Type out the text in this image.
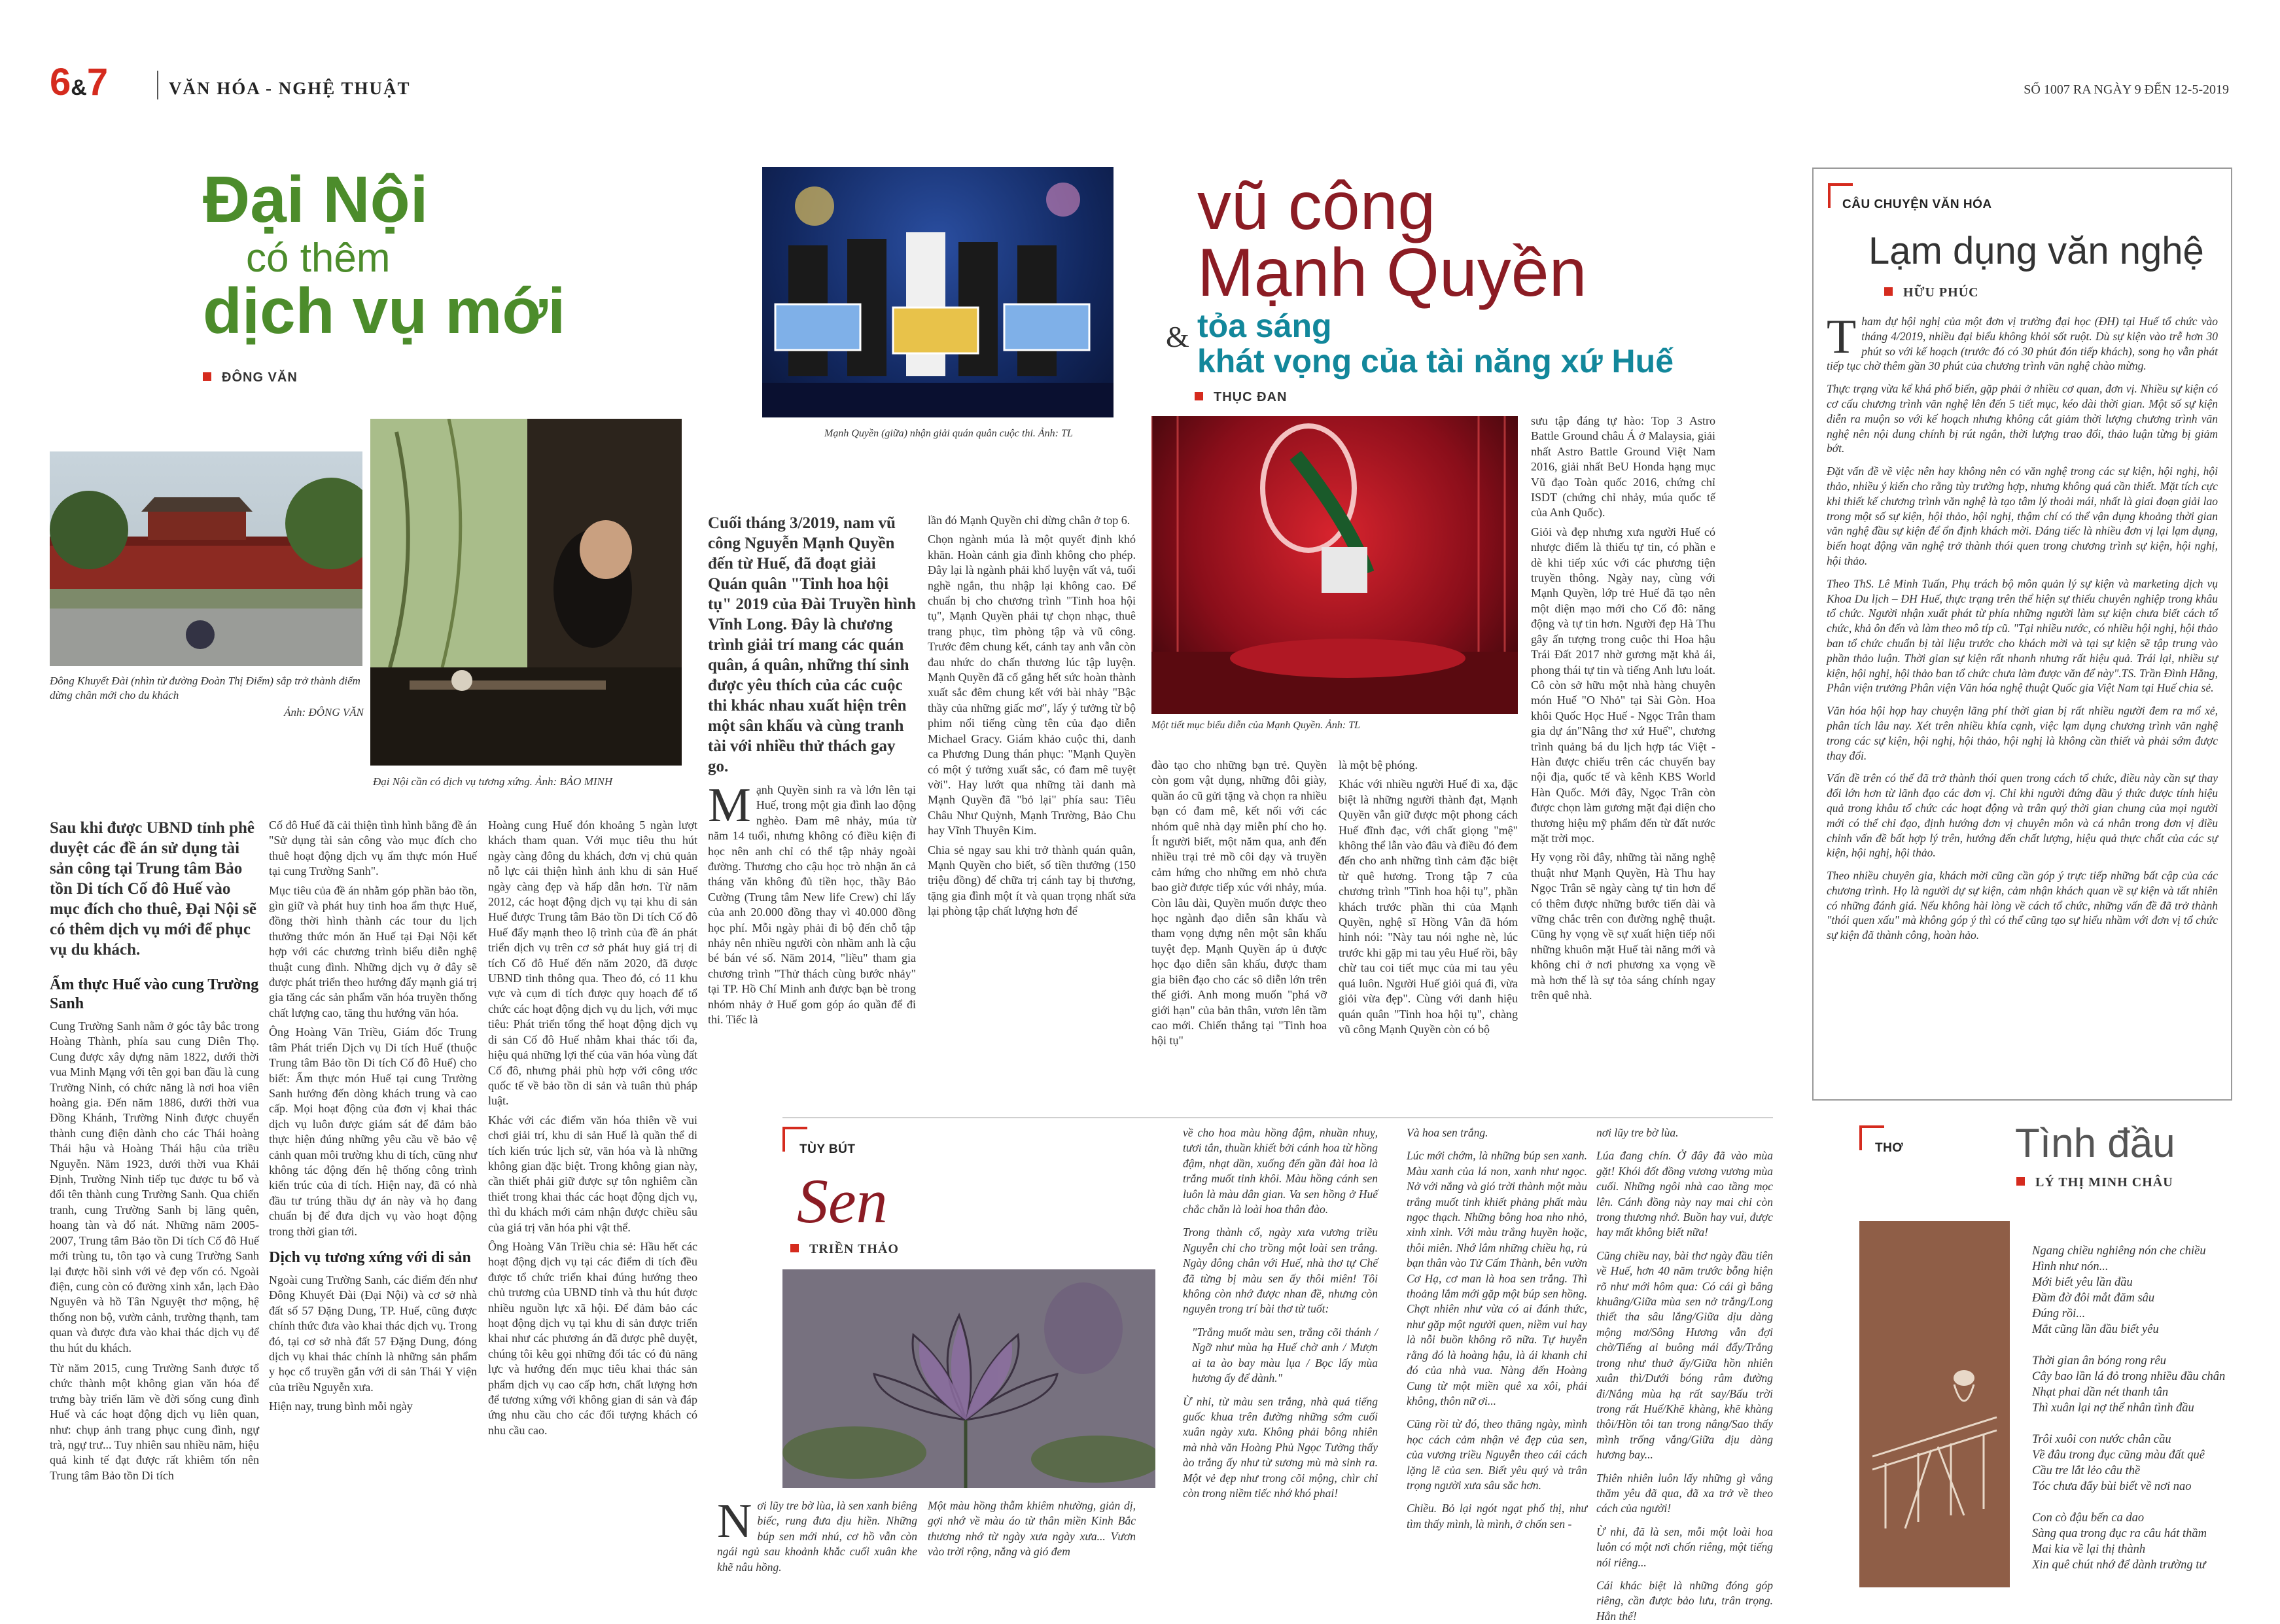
6&7	VĂN HÓA - NGHỆ THUẬT	SỐ 1007 RA NGÀY 9 ĐẾN 12-5-2019
Đại Nội
có thêm
dịch vụ mới
ĐÔNG VĂN
Đông Khuyết Đài (nhìn từ đường Đoàn Thị Điểm) sắp trở thành điểm dừng chân mới cho du khách
Ảnh: ĐÔNG VĂN
Đại Nội cần có dịch vụ tương xứng. Ảnh: BẢO MINH
Sau khi được UBND tỉnh phê duyệt các đề án sử dụng tài sản công tại Trung tâm Bảo tồn Di tích Cố đô Huế vào mục đích cho thuê, Đại Nội sẽ có thêm dịch vụ mới để phục vụ du khách.
Ẩm thực Huế vào cung Trường Sanh
Cung Trường Sanh nằm ở góc tây bắc trong Hoàng Thành, phía sau cung Diên Thọ. Cung được xây dựng năm 1822, dưới thời vua Minh Mạng với tên gọi ban đầu là cung Trường Ninh, có chức năng là nơi hoa viên hoàng gia. Đến năm 1886, dưới thời vua Đồng Khánh, Trường Ninh được chuyển thành cung điện dành cho các Thái hoàng Thái hậu và Hoàng Thái hậu của triều Nguyễn. Năm 1923, dưới thời vua Khải Định, Trường Ninh tiếp tục được tu bổ và đổi tên thành cung Trường Sanh. Qua chiến tranh, cung Trường Sanh bị lãng quên, hoang tàn và đổ nát. Những năm 2005-2007, Trung tâm Bảo tồn Di tích Cố đô Huế mới trùng tu, tôn tạo và cung Trường Sanh lại được hồi sinh với vẻ đẹp vốn có. Ngoài điện, cung còn có đường xinh xắn, lạch Đào Nguyên và hồ Tân Nguyệt thơ mộng, hệ thống non bộ, vườn cảnh, trường thạnh, tam quan và được đưa vào khai thác dịch vụ để thu hút du khách.
Từ năm 2015, cung Trường Sanh được tổ chức thành một không gian văn hóa để trưng bày triển lãm về đời sống cung đình Huế và các hoạt động dịch vụ liên quan, như: chụp ảnh trang phục cung đình, ngự trà, ngự trư... Tuy nhiên sau nhiều năm, hiệu quả kinh tế đạt được rất khiêm tốn nên Trung tâm Bảo tồn Di tích
Cố đô Huế đã cải thiện tình hình bằng đề án "Sử dụng tài sản công vào mục đích cho thuê hoạt động dịch vụ ẩm thực món Huế tại cung Trường Sanh".
Mục tiêu của đề án nhằm góp phần bảo tồn, gìn giữ và phát huy tinh hoa ẩm thực Huế, đồng thời hình thành các tour du lịch thưởng thức món ăn Huế tại Đại Nội kết hợp với các chương trình biểu diễn nghệ thuật cung đình. Những dịch vụ ở đây sẽ được phát triển theo hướng đẩy mạnh giá trị gia tăng các sản phẩm văn hóa truyền thống chất lượng cao, tăng thu hướng văn hóa.
Ông Hoàng Văn Triều, Giám đốc Trung tâm Phát triển Dịch vụ Di tích Huế (thuộc Trung tâm Bảo tồn Di tích Cố đô Huế) cho biết: Ẩm thực món Huế tại cung Trường Sanh hướng đến dòng khách trung và cao cấp. Mọi hoạt động của đơn vị khai thác dịch vụ luôn được giám sát để đảm bảo thực hiện đúng những yêu cầu về bảo vệ cảnh quan môi trường khu di tích, cũng như không tác động đến hệ thống công trình kiến trúc của di tích. Hiện nay, đã có nhà đầu tư trúng thầu dự án này và họ đang chuẩn bị để đưa dịch vụ vào hoạt động trong thời gian tới.
Dịch vụ tương xứng với di sản
Ngoài cung Trường Sanh, các điểm đến như Đông Khuyết Đài (Đại Nội) và cơ sở nhà đất số 57 Đặng Dung, TP. Huế, cũng được chính thức đưa vào khai thác dịch vụ. Trong đó, tại cơ sở nhà đất 57 Đặng Dung, đóng dịch vụ khai thác chính là những sản phẩm y học cổ truyền gắn với di sản Thái Y viện của triều Nguyễn xưa.
Hiện nay, trung bình mỗi ngày
Hoàng cung Huế đón khoảng 5 ngàn lượt khách tham quan. Với mục tiêu thu hút ngày càng đông du khách, đơn vị chủ quản nỗ lực cải thiện hình ảnh khu di sản Huế ngày càng đẹp và hấp dẫn hơn. Từ năm 2012, các hoạt động dịch vụ tại khu di sản Huế được Trung tâm Bảo tồn Di tích Cố đô Huế đẩy mạnh theo lộ trình của đề án phát triển dịch vụ trên cơ sở phát huy giá trị di tích Cố đô Huế đến năm 2020, đã được UBND tỉnh thông qua. Theo đó, có 11 khu vực và cụm di tích được quy hoạch để tổ chức các hoạt động dịch vụ du lịch, với mục tiêu: Phát triển tổng thể hoạt động dịch vụ di sản Cố đô Huế nhằm khai thác tối đa, hiệu quả những lợi thế của văn hóa vùng đất Cố đô, nhưng phải phù hợp với công ước quốc tế về bảo tồn di sản và tuân thủ pháp luật.
Khác với các điểm văn hóa thiên về vui chơi giải trí, khu di sản Huế là quần thể di tích kiến trúc lịch sử, văn hóa và là những không gian đặc biệt. Trong không gian này, cần thiết phải giữ được sự tôn nghiêm cần thiết trong khai thác các hoạt động dịch vụ, thì du khách mới cảm nhận được chiều sâu của giá trị văn hóa phi vật thể.
Ông Hoàng Văn Triều chia sẻ: Hầu hết các hoạt động dịch vụ tại các điểm di tích đều được tổ chức triển khai đúng hướng theo chủ trương của UBND tỉnh và thu hút được nhiều nguồn lực xã hội. Để đảm bảo các hoạt động dịch vụ tại khu di sản được triển khai như các phương án đã được phê duyệt, chúng tôi kêu gọi những đối tác có đủ năng lực và hướng đến mục tiêu khai thác sản phẩm dịch vụ cao cấp hơn, chất lượng hơn để tương xứng với không gian di sản và đáp ứng nhu cầu cho các đối tượng khách có nhu cầu cao.
Mạnh Quyền (giữa) nhận giải quán quân cuộc thi. Ảnh: TL
vũ công
Mạnh Quyền
& tỏa sáng
khát vọng của tài năng xứ Huế
THỤC ĐAN
Một tiết mục biểu diễn của Mạnh Quyền. Ảnh: TL
Cuối tháng 3/2019, nam vũ công Nguyễn Mạnh Quyền đến từ Huế, đã đoạt giải Quán quân "Tinh hoa hội tụ" 2019 của Đài Truyền hình Vĩnh Long. Đây là chương trình giải trí mang các quán quân, á quân, những thí sinh được yêu thích của các cuộc thi khác nhau xuất hiện trên một sân khấu và cùng tranh tài với nhiều thử thách gay go.
M ạnh Quyền sinh ra và lớn lên tại Huế, trong một gia đình lao động nghèo. Đam mê nhảy, múa từ năm 14 tuổi, nhưng không có điều kiện đi học nên anh chỉ có thể tập nhảy ngoài đường. Thương cho cậu học trò nhận ăn cả tháng văn không đủ tiền học, thầy Bảo Cường (Trung tâm New life Crew) chỉ lấy của anh 20.000 đồng thay vì 40.000 đồng học phí. Mỗi ngày phải đi bộ đến chỗ tập nhảy nên nhiều người còn nhầm anh là cậu bé bán vé số. Năm 2014, "liều" tham gia chương trình "Thử thách cùng bước nhảy" tại TP. Hồ Chí Minh anh được bạn bè trong nhóm nhảy ở Huế gom góp áo quần để đi thi. Tiếc là
lần đó Mạnh Quyền chỉ dừng chân ở top 6.
Chọn ngành múa là một quyết định khó khăn. Hoàn cảnh gia đình không cho phép. Đây lại là ngành phải khổ luyện vất vả, tuổi nghề ngắn, thu nhập lại không cao. Để chuẩn bị cho chương trình "Tinh hoa hội tụ", Mạnh Quyền phải tự chọn nhạc, thuê trang phục, tìm phòng tập và vũ công. Trước đêm chung kết, cánh tay anh vẫn còn đau nhức do chấn thương lúc tập luyện. Mạnh Quyền đã cố gắng hết sức hoàn thành xuất sắc đêm chung kết với bài nhảy "Bậc thầy của những giấc mơ", lấy ý tưởng từ bộ phim nổi tiếng cùng tên của đạo diễn Michael Gracy. Giám khảo cuộc thi, danh ca Phương Dung thán phục: "Mạnh Quyền có một ý tưởng xuất sắc, có đam mê tuyệt vời". Hay lướt qua những tài danh mà Mạnh Quyền đã "bỏ lại" phía sau: Tiêu Châu Như Quỳnh, Mạnh Trường, Bảo Chu hay Vĩnh Thuyên Kim.
Chia sẻ ngay sau khi trở thành quán quân, Mạnh Quyền cho biết, số tiền thưởng (150 triệu đồng) để chữa trị cánh tay bị thương, tặng gia đình một ít và quan trọng nhất sửa lại phòng tập chất lượng hơn để
đào tạo cho những bạn trẻ. Quyền còn gom vật dụng, những đôi giày, quần áo cũ gửi tặng và chọn ra nhiều bạn có đam mê, kết nối với các nhóm quê nhà dạy miễn phí cho họ. Ít người biết, một năm qua, anh đến nhiều trại trẻ mồ côi dạy và truyền cảm hứng cho những em nhỏ chưa bao giờ được tiếp xúc với nhảy, múa. Còn lâu dài, Quyền muốn được theo học ngành đạo diễn sân khấu và tham vọng dựng nên một sân khấu tuyệt đẹp. Mạnh Quyền áp ủ được học đạo diễn sân khấu, được tham gia biên đạo cho các sô diễn lớn trên thế giới. Anh mong muốn "phá vỡ giới hạn" của bản thân, vươn lên tầm cao mới. Chiến thắng tại "Tinh hoa hội tụ"
là một bệ phóng.
Khác với nhiều người Huế đi xa, đặc biệt là những người thành đạt, Mạnh Quyền vẫn giữ được một phong cách Huế đĩnh đạc, với chất giọng "mệ" không thể lẫn vào đâu và điều đó đem đến cho anh những tình cảm đặc biệt từ quê hương. Trong tập 7 của chương trình "Tinh hoa hội tụ", phần khách trước phần thi của Mạnh Quyền, nghệ sĩ Hồng Vân đã hóm hỉnh nói: "Này tau nói nghe nè, lúc trước khi gặp mi tau yêu Huế rồi, bây chừ tau coi tiết mục của mi tau yêu quá luôn. Người Huế giỏi quá đi, vừa giỏi vừa đẹp". Cùng với danh hiệu quán quân "Tinh hoa hội tụ", chàng vũ công Mạnh Quyền còn có bộ
sưu tập đáng tự hào: Top 3 Astro Battle Ground châu Á ở Malaysia, giải nhất Astro Battle Ground Việt Nam 2016, giải nhất BeU Honda hạng mục Vũ đạo Toàn quốc 2016, chứng chỉ ISDT (chứng chỉ nhảy, múa quốc tế của Anh Quốc).
Giỏi và đẹp nhưng xưa người Huế có nhược điểm là thiếu tự tin, có phần e dè khi tiếp xúc với các phương tiện truyền thông. Ngày nay, cùng với Mạnh Quyền, lớp trẻ Huế đã tạo nên một diện mạo mới cho Cố đô: năng động và tự tin hơn. Người đẹp Hà Thu gây ấn tượng trong cuộc thi Hoa hậu Trái Đất 2017 nhờ gương mặt khả ái, phong thái tự tin và tiếng Anh lưu loát. Cô còn sở hữu một nhà hàng chuyên món Huế "O Nhỏ" tại Sài Gòn. Hoa khôi Quốc Học Huế - Ngọc Trân tham gia dự án"Nâng thơ xứ Huế", chương trình quảng bá du lịch hợp tác Việt - Hàn được chiếu trên các chuyến bay nội địa, quốc tế và kênh KBS World Hàn Quốc. Mới đây, Ngọc Trân còn được chọn làm gương mặt đại diện cho thương hiệu mỹ phẩm đến từ đất nước mặt trời mọc.
Hy vọng rồi đây, những tài năng nghệ thuật như Mạnh Quyền, Hà Thu hay Ngọc Trân sẽ ngày càng tự tin hơn để có thêm được những bước tiến dài và vững chắc trên con đường nghệ thuật. Cũng hy vọng về sự xuất hiện tiếp nối những khuôn mặt Huế tài năng mới và không chỉ ở nơi phương xa vọng về mà hơn thế là sự tỏa sáng chính ngay trên quê nhà.
CÂU CHUYỆN VĂN HÓA
Lạm dụng văn nghệ
HỮU PHÚC
T ham dự hội nghị của một đơn vị trường đại học (ĐH) tại Huế tổ chức vào tháng 4/2019, nhiều đại biểu không khỏi sốt ruột. Dù sự kiện vào trễ hơn 30 phút so với kế hoạch (trước đó có 30 phút đón tiếp khách), song họ vẫn phát tiếp tục chờ thêm gần 30 phút của chương trình văn nghệ chào mừng.

Thực trạng vừa kể khá phổ biến, gặp phải ở nhiều cơ quan, đơn vị. Nhiều sự kiện có cơ cấu chương trình văn nghệ lên đến 5 tiết mục, kéo dài thời gian. Một số sự kiện diễn ra muộn so với kế hoạch nhưng không cắt giảm thời lượng chương trình văn nghệ nên nội dung chính bị rút ngắn, thời lượng trao đổi, thảo luận từng bị giảm bớt.

Đặt vấn đề về việc nên hay không nên có văn nghệ trong các sự kiện, hội nghị, hội thảo, nhiều ý kiến cho rằng tùy trường hợp, nhưng không quá cần thiết. Mặt tích cực khi thiết kế chương trình văn nghệ là tạo tâm lý thoải mái, nhất là giai đoạn giải lao trong một số sự kiện, hội thảo, hội nghị, thậm chí có thể vận dụng khoảng thời gian văn nghệ đầu sự kiện để ổn định khách mời. Đáng tiếc là nhiều đơn vị lại lạm dụng, biến hoạt động văn nghệ trở thành thói quen trong chương trình sự kiện, hội nghị, hội thảo.

Theo ThS. Lê Minh Tuấn, Phụ trách bộ môn quản lý sự kiện và marketing dịch vụ Khoa Du lịch – ĐH Huế, thực trạng trên thể hiện sự thiếu chuyên nghiệp trong khâu tổ chức. Người nhận xuất phát từ phía những người làm sự kiện chưa biết cách tổ chức, khả ôn đến và làm theo mô típ cũ. "Tại nhiều nước, có nhiều hội nghị, hội thảo ban tổ chức chuẩn bị tài liệu trước cho khách mời và tại sự kiện sẽ tập trung vào phần thảo luận. Thời gian sự kiện rất nhanh nhưng rất hiệu quả. Trái lại, nhiều sự kiện, hội nghị, hội thảo ban tổ chức chưa làm được văn để này".TS. Trần Đình Hằng, Phân viện trưởng Phân viện Văn hóa nghệ thuật Quốc gia Việt Nam tại Huế chia sẻ.

Văn hóa hội họp hay chuyện lãng phí thời gian bị rất nhiều người đem ra mổ xẻ, phân tích lâu nay. Xét trên nhiều khía cạnh, việc lạm dụng chương trình văn nghệ trong các sự kiện, hội nghị, hội thảo, hội nghị là không cần thiết và phải sớm được thay đổi.

Vấn đề trên có thể đã trở thành thói quen trong cách tổ chức, điều này cần sự thay đổi lớn hơn từ lãnh đạo các đơn vị. Chỉ khi người đứng đầu ý thức được tính hiệu quả trong khâu tổ chức các hoạt động và trân quý thời gian chung của mọi người mới có thể chỉ đạo, định hướng đơn vị chuyên môn và cá nhân trong đơn vị điều chỉnh vấn đề bất hợp lý trên, hướng đến chất lượng, hiệu quả thực chất của các sự kiện, hội nghị, hội thảo.

Theo nhiều chuyên gia, khách mời cũng cần góp ý trực tiếp những bất cập của các chương trình. Họ là người dự sự kiện, cảm nhận khách quan về sự kiện và tất nhiên có những đánh giá. Nếu không hài lòng về cách tổ chức, những vấn đề đã trở thành "thói quen xấu" mà không góp ý thì có thể cũng tạo sự hiểu nhầm với đơn vị tổ chức sự kiện đã thành công, hoàn hảo.

TÙY BÚT
Sen
TRIỀN THẢO
N ơi lũy tre bờ lùa, là sen xanh biêng biếc, rung đưa dịu hiền. Những búp sen mới nhú, cơ hồ vẫn còn ngái ngủ sau khoảnh khắc cuối xuân khe khẽ nâu hồng.
Một màu hồng thẫm khiêm nhường, giản dị, gợi nhớ về màu áo từ thân miền Kinh Bắc thương nhớ từ ngày xưa ngày xưa... Vươn vào trời rộng, nắng và gió đem
về cho hoa màu hồng đậm, nhuần nhuỵ, tươi tắn, thuần khiết bởi cánh hoa từ hồng đậm, nhạt dần, xuống đến gần đài hoa là trắng muốt tinh khôi. Màu hồng cánh sen luôn là màu dân gian. Va sen hồng ở Huế chắc chắn là loài hoa thân đào.
Trong thành cổ, ngày xưa vương triều Nguyễn chỉ cho trồng một loài sen trắng. Ngày đông chân với Huế, nhà thơ tự Chế đã từng bị màu sen ấy thôi miên! Tôi không còn nhớ được nhan đề, nhưng còn nguyên trong trí bài thơ từ tuốt:
"Trắng muốt màu sen, trắng cõi thánh / Ngỡ như mùa hạ Huế chờ anh / Mượn ai ta ào bay màu lụa / Bọc lấy mùa hương ấy để dành."
Ừ nhỉ, từ màu sen trắng, nhà quá tiếng guốc khua trên đường những sớm cuối xuân ngày xưa. Không phải bông nhiên mà nhà văn Hoàng Phủ Ngọc Tường thấy ào trắng ấy như từ sương mù mà sinh ra. Một vẻ đẹp như trong cõi mộng, chìr chỉ còn trong niềm tiếc nhớ khó phai!
Và hoa sen trắng.
Lúc mới chớm, là những búp sen xanh. Màu xanh của lá non, xanh như ngọc. Nở với nắng và gió trời thành một màu trắng muốt tinh khiết phảng phất màu ngọc thạch. Những bông hoa nho nhỏ, xinh xinh. Với màu trắng huyền hoặc, thôi miên. Nhớ lắm những chiều hạ, rủ bạn thân vào Tử Cấm Thành, bên vườn Cơ Hạ, cơ man là hoa sen trắng. Thì thoảng lắm mới gặp một búp sen hồng. Chợt nhiên như vừa có ai đánh thức, như gặp một người quen, niềm vui hay là nỗi buồn không rõ nữa. Tự huyễn rằng đó là hoàng hậu, là ái khanh chỉ đó của nhà vua. Nàng đến Hoàng Cung từ một miền quê xa xôi, phải không, thôn nữ ơi...
Cũng rồi từ đó, theo thăng ngày, mình học cách cảm nhận vẻ đẹp của sen, của vương triều Nguyễn theo cái cách lặng lẽ của sen. Biết yêu quý và trân trọng người xưa sâu sắc hơn.
Chiều. Bỏ lại ngót ngạt phố thị, như tìm thấy mình, là mình, ở chốn sen -
nơi lũy tre bờ lùa.
Lúa đang chín. Ở đây đã vào mùa gặt! Khói đốt đồng vương vương mùa cuối. Những ngôi nhà cao tầng mọc lên. Cánh đồng này nay mai chỉ còn trong thương nhớ. Buồn hay vui, được hay mất không biết nữa!
Cũng chiều nay, bài thơ ngày đầu tiên về Huế, hơn 40 năm trước bỗng hiện rõ như mới hôm qua: Có cái gì bâng khuâng/Giữa mùa sen nở trắng/Long thiết tha sâu lắng/Giữa dịu dàng mộng mơ/Sông Hương vẫn đợi chờ/Tiếng ai buông mái đẩy/Trắng trong như thuở ấy/Giữa hồn nhiên xuân thì/Dưới bóng râm đường đi/Nắng mùa hạ rất say/Bấu trời trong rất Huế/Khẽ khàng, khẽ khàng thôi/Hồn tôi tan trong nắng/Sao thấy mình trống vắng/Giữa dịu dàng hương bay...
Thiên nhiên luôn lấy những gì vắng thăm yêu đã qua, đã xa trở về theo cách của người!
Ừ nhỉ, đã là sen, mỗi một loài hoa luôn có một nơi chốn riêng, một tiếng nói riêng...
Cái khác biệt là những đóng góp riêng, cần được bảo lưu, trân trọng. Hẳn thế!
THƠ	Tình đầu
LÝ THỊ MINH CHÂU
Ngang chiều nghiêng nón che chiều
Hình như nón...
Mới biết yêu lần đầu
Đầm đờ đôi mắt đăm sâu
Đúng rồi...
Mắt cũng lần đầu biết yêu
Thời gian ân bóng rong rêu
Cây bao lần lá đỏ trong nhiều đầu chân
Nhạt phai dần nét thanh tân
Thì xuân lại nợ thể nhân tình đầu
Trôi xuôi con nước chân cầu
Về đâu trong đục cũng màu đất quê
Cầu tre lắt lẻo câu thề
Tóc chưa đẩy bùi biết về nơi nao
Con cò đậu bến ca dao
Sàng qua trong đục ra câu hát thầm
Mai kia về lại thị thành
Xin quê chút nhớ để dành trường tư
